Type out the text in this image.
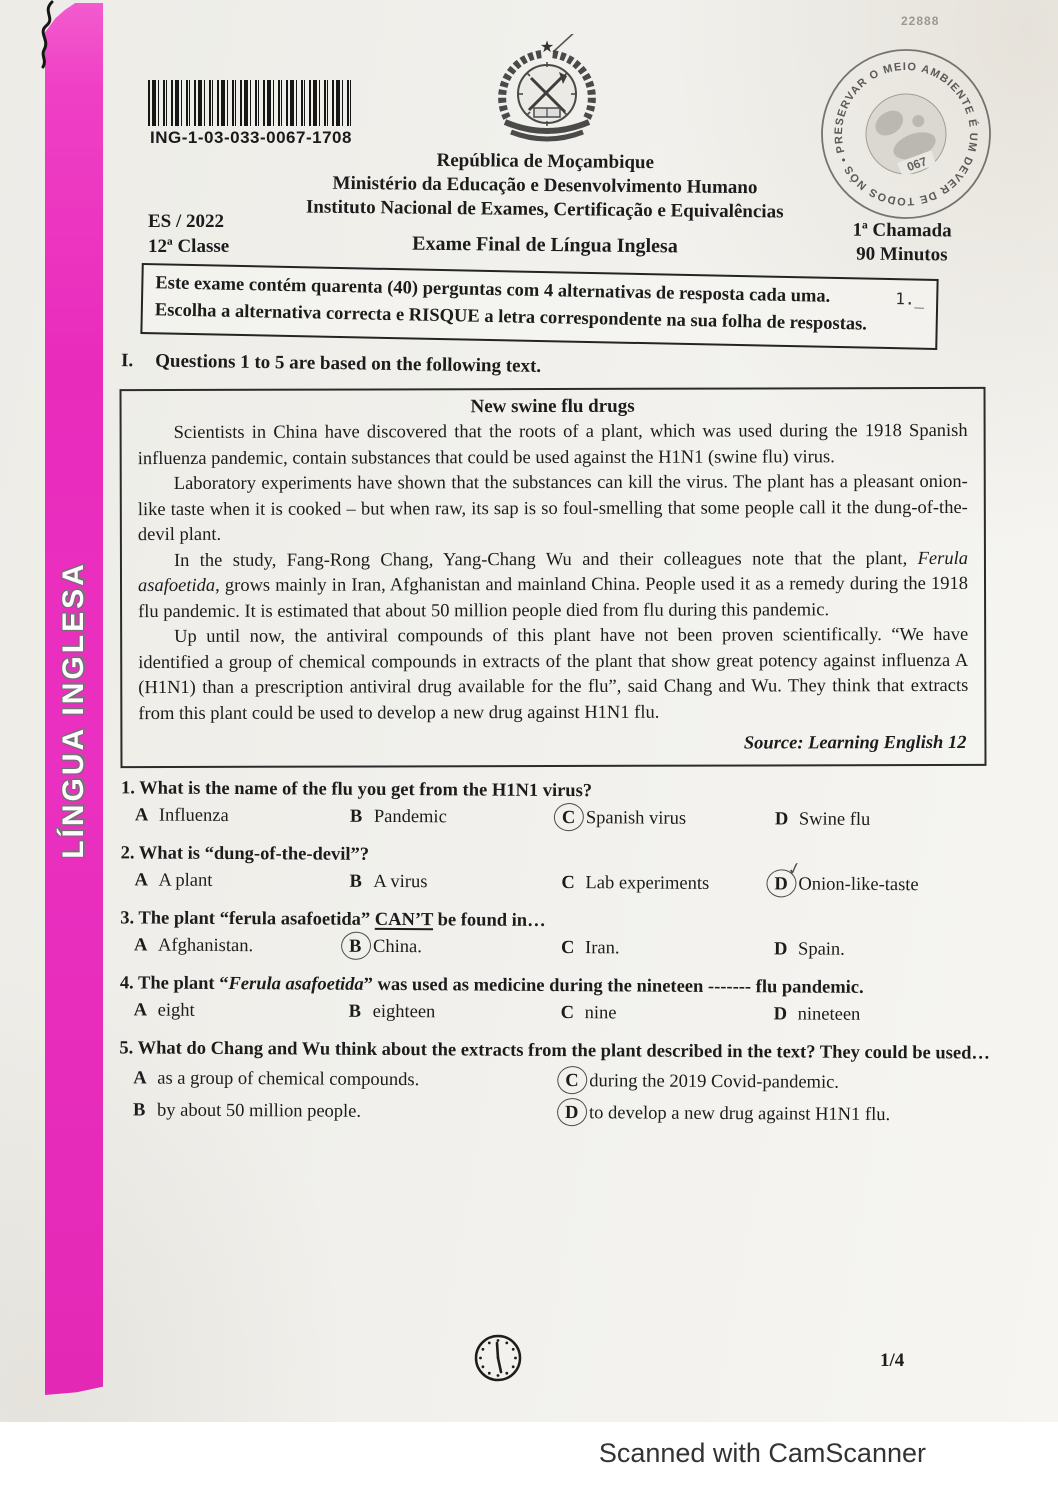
LÍNGUA INGLESA
ING-1-03-033-0067-1708
★
22888
067
PRESERVAR O MEIO AMBIENTE É UM DEVER DE TODOS NÓS •
República de Moçambique
Ministério da Educação e Desenvolvimento Humano
Instituto Nacional de Exames, Certificação e Equivalências
ES / 2022
12ª Classe	Exame Final de Língua Inglesa
1ª Chamada
90 Minutos
Este exame contém quarenta (40) perguntas com 4 alternativas de resposta cada uma.	1._
Escolha a alternativa correcta e RISQUE a letra correspondente na sua folha de respostas.
I. Questions 1 to 5 are based on the following text.
New swine flu drugs

Scientists in China have discovered that the roots of a plant, which was used during the 1918 Spanish influenza pandemic, contain substances that could be used against the H1N1 (swine flu) virus.

Laboratory experiments have shown that the substances can kill the virus. The plant has a pleasant onion-like taste when it is cooked – but when raw, its sap is so foul-smelling that some people call it the dung-of-the-devil plant.

In the study, Fang-Rong Chang, Yang-Chang Wu and their colleagues note that the plant, Ferula asafoetida, grows mainly in Iran, Afghanistan and mainland China. People used it as a remedy during the 1918 flu pandemic. It is estimated that about 50 million people died from flu during this pandemic.

Up until now, the antiviral compounds of this plant have not been proven scientifically. “We have identified a group of chemical compounds in extracts of the plant that show great potency against influenza A (H1N1) than a prescription antiviral drug available for the flu”, said Chang and Wu. They think that extracts from this plant could be used to develop a new drug against H1N1 flu.

Source: Learning English 12

1. What is the name of the flu you get from the H1N1 virus?

A Influenza	B Pandemic	C Spanish virus	D Swine flu

2. What is “dung-of-the-devil”?

A A plant	B A virus	C Lab experiments	D
✓
Onion-like-taste

3. The plant “ferula asafoetida” CAN’T be found in…

A Afghanistan.	B China.	C Iran.	D Spain.

4. The plant “Ferula asafoetida” was used as medicine during the nineteen ------- flu pandemic.

A eight	B eighteen	C nine	D nineteen

5. What do Chang and Wu think about the extracts from the plant described in the text? They could be used…

A as a group of chemical compounds.
B by about 50 million people.
C during the 2019 Covid-pandemic.
D to develop a new drug against H1N1 flu.
1/4
Scanned with CamScanner
